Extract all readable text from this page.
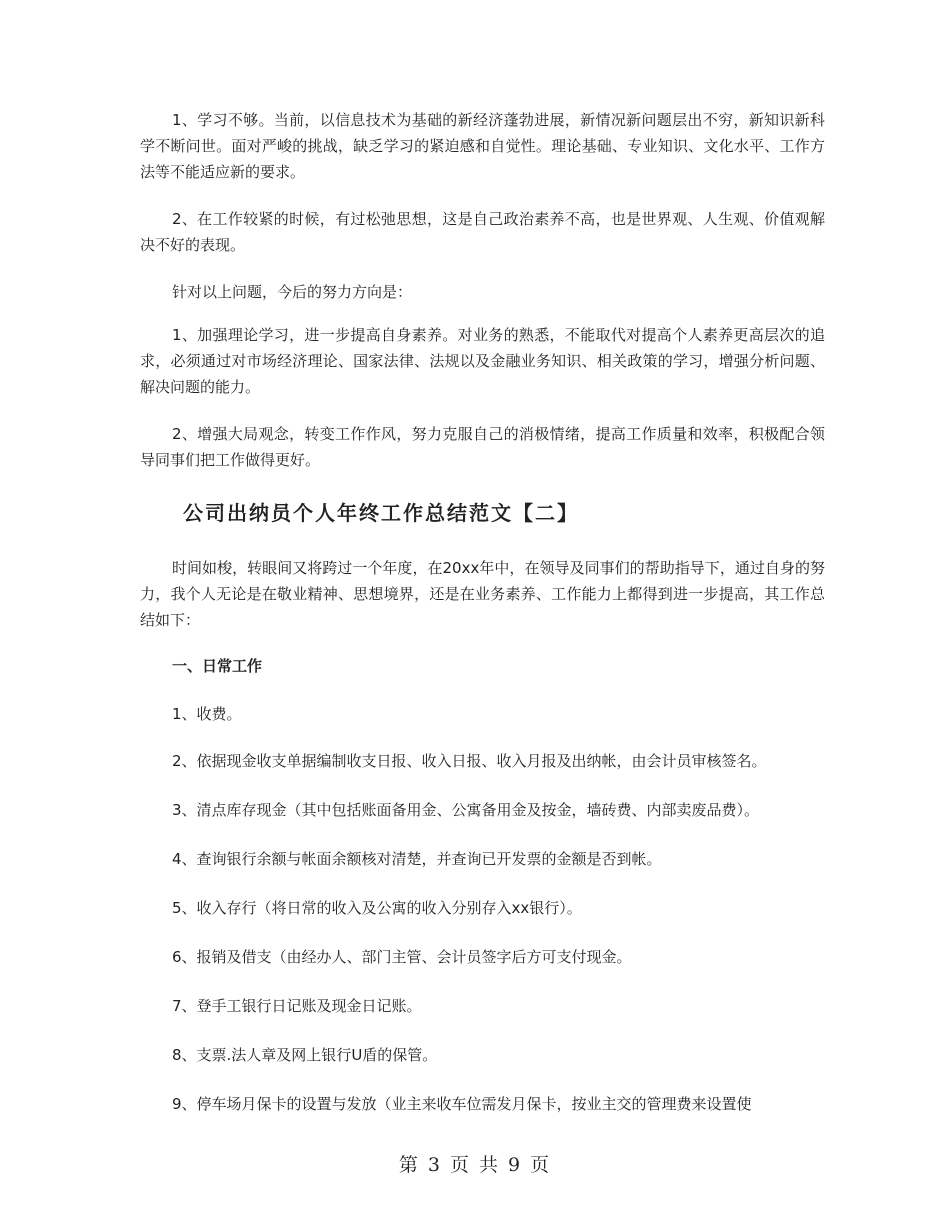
1、学习不够。当前，以信息技术为基础的新经济蓬勃进展，新情况新问题层出不穷，新知识新科学不断问世。面对严峻的挑战，缺乏学习的紧迫感和自觉性。理论基础、专业知识、文化水平、工作方法等不能适应新的要求。

2、在工作较紧的时候，有过松弛思想，这是自己政治素养不高，也是世界观、人生观、价值观解决不好的表现。

针对以上问题，今后的努力方向是：

1、加强理论学习，进一步提高自身素养。对业务的熟悉，不能取代对提高个人素养更高层次的追求，必须通过对市场经济理论、国家法律、法规以及金融业务知识、相关政策的学习，增强分析问题、解决问题的能力。

2、增强大局观念，转变工作作风，努力克服自己的消极情绪，提高工作质量和效率，积极配合领导同事们把工作做得更好。

公司出纳员个人年终工作总结范文【二】

时间如梭，转眼间又将跨过一个年度，在20xx年中，在领导及同事们的帮助指导下，通过自身的努力，我个人无论是在敬业精神、思想境界，还是在业务素养、工作能力上都得到进一步提高，其工作总结如下：

一、日常工作

1、收费。

2、依据现金收支单据编制收支日报、收入日报、收入月报及出纳帐，由会计员审核签名。

3、清点库存现金（其中包括账面备用金、公寓备用金及按金，墙砖费、内部卖废品费）。

4、查询银行余额与帐面余额核对清楚，并查询已开发票的金额是否到帐。

5、收入存行（将日常的收入及公寓的收入分别存入xx银行）。

6、报销及借支（由经办人、部门主管、会计员签字后方可支付现金。

7、登手工银行日记账及现金日记账。

8、支票.法人章及网上银行U盾的保管。

9、停车场月保卡的设置与发放（业主来收车位需发月保卡，按业主交的管理费来设置使

第 3 页 共 9 页
